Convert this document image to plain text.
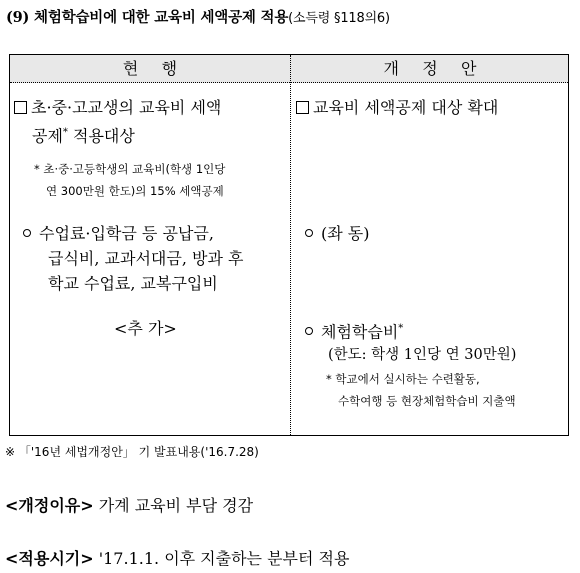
(9) 체험학습비에 대한 교육비 세액공제 적용(소득령 §118의6)
현 행	개 정 안
초·중·고교생의 교육비 세액
공제* 적용대상
* 초·중·고등학생의 교육비(학생 1인당
연 300만원 한도)의 15% 세액공제
수업료·입학금 등 공납금,
급식비, 교과서대금, 방과 후
학교 수업료, 교복구입비
<추 가>
교육비 세액공제 대상 확대
(좌 동)
체험학습비*
(한도: 학생 1인당 연 30만원)
* 학교에서 실시하는 수련활동,
수학여행 등 현장체험학습비 지출액
※ 「'16년 세법개정안」 기 발표내용('16.7.28)
<개정이유> 가계 교육비 부담 경감
<적용시기> '17.1.1. 이후 지출하는 분부터 적용
